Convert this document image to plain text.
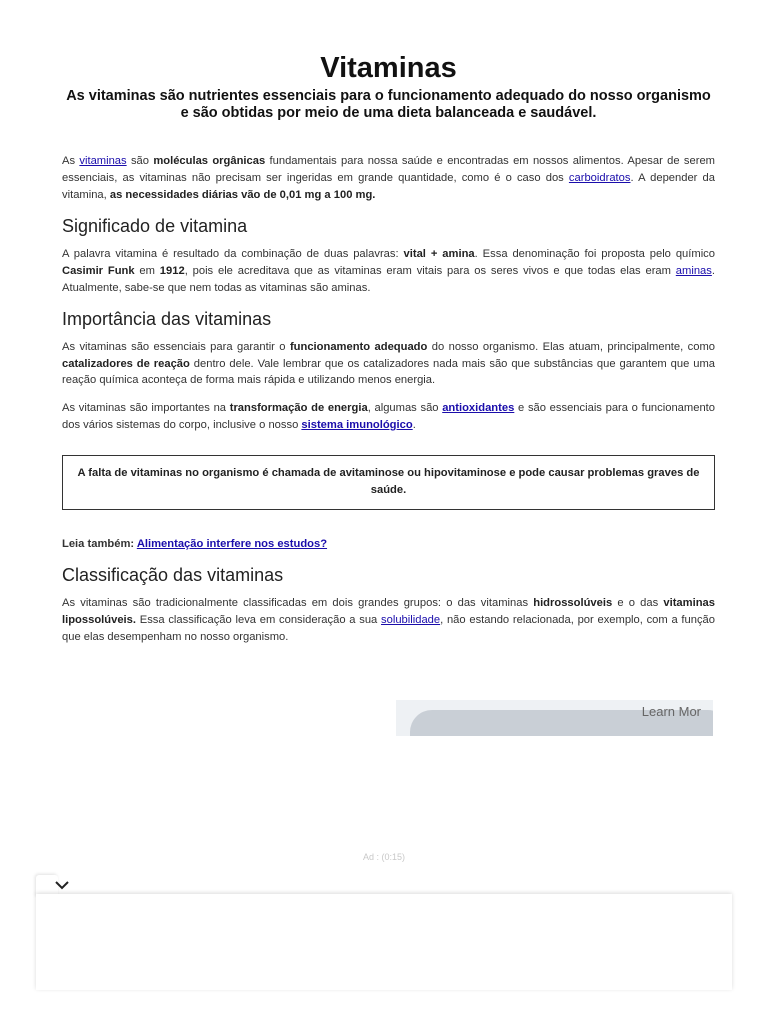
Vitaminas
As vitaminas são nutrientes essenciais para o funcionamento adequado do nosso organismo e são obtidas por meio de uma dieta balanceada e saudável.

As vitaminas são moléculas orgânicas fundamentais para nossa saúde e encontradas em nossos alimentos. Apesar de serem essenciais, as vitaminas não precisam ser ingeridas em grande quantidade, como é o caso dos carboidratos. A depender da vitamina, as necessidades diárias vão de 0,01 mg a 100 mg.

Significado de vitamina

A palavra vitamina é resultado da combinação de duas palavras: vital + amina. Essa denominação foi proposta pelo químico Casimir Funk em 1912, pois ele acreditava que as vitaminas eram vitais para os seres vivos e que todas elas eram aminas. Atualmente, sabe-se que nem todas as vitaminas são aminas.

Importância das vitaminas

As vitaminas são essenciais para garantir o funcionamento adequado do nosso organismo. Elas atuam, principalmente, como catalizadores de reação dentro dele. Vale lembrar que os catalizadores nada mais são que substâncias que garantem que uma reação química aconteça de forma mais rápida e utilizando menos energia.

As vitaminas são importantes na transformação de energia, algumas são antioxidantes e são essenciais para o funcionamento dos vários sistemas do corpo, inclusive o nosso sistema imunológico.

A falta de vitaminas no organismo é chamada de avitaminose ou hipovitaminose e pode causar problemas graves de saúde.

Leia também: Alimentação interfere nos estudos?

Classificação das vitaminas

As vitaminas são tradicionalmente classificadas em dois grandes grupos: o das vitaminas hidrossolúveis e o das vitaminas lipossolúveis. Essa classificação leva em consideração a sua solubilidade, não estando relacionada, por exemplo, com a função que elas desempenham no nosso organismo.

Learn Mor
Ad : (0:15)
